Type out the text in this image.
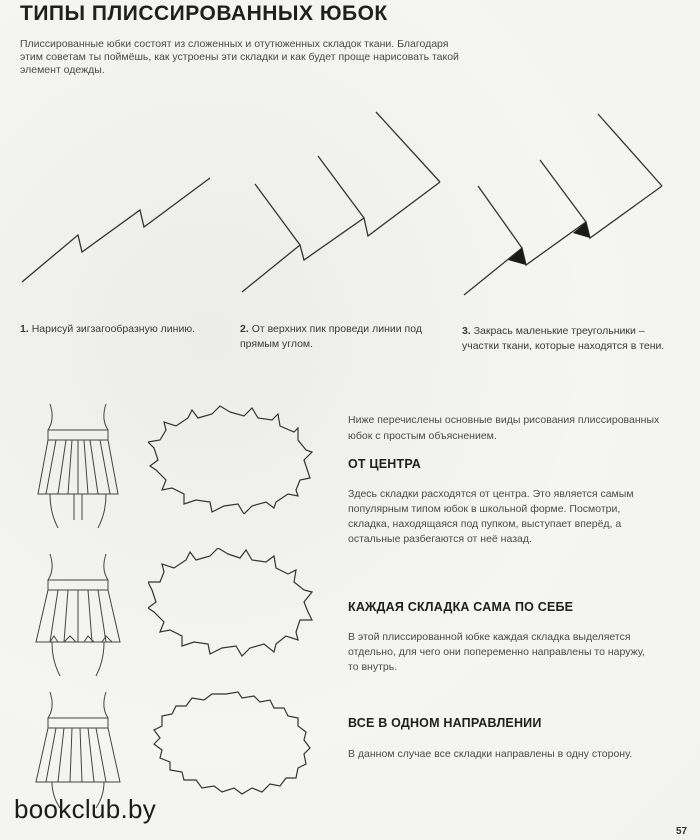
ТИПЫ ПЛИССИРОВАННЫХ ЮБОК

Плиссированные юбки состоят из сложенных и отутюженных складок ткани. Благодаря этим советам ты поймёшь, как устроены эти складки и как будет проще нарисовать такой элемент одежды.

1. Нарисуй зигзагообразную линию.	2. От верхних пик проведи линии под прямым углом.

3. Закрась маленькие треугольники – участки ткани, которые находятся в тени.

Ниже перечислены основные виды рисования плиссированных юбок с простым объяснением.

ОТ ЦЕНТРА

Здесь складки расходятся от центра. Это является самым популярным типом юбок в школьной форме. Посмотри, складка, находящаяся под пупком, выступает вперёд, а остальные разбегаются от неё назад.

КАЖДАЯ СКЛАДКА САМА ПО СЕБЕ

В этой плиссированной юбке каждая складка выделяется отдельно, для чего они попеременно направлены то наружу, то внутрь.

ВСЕ В ОДНОМ НАПРАВЛЕНИИ

В данном случае все складки направлены в одну сторону.

bookclub.by
57
